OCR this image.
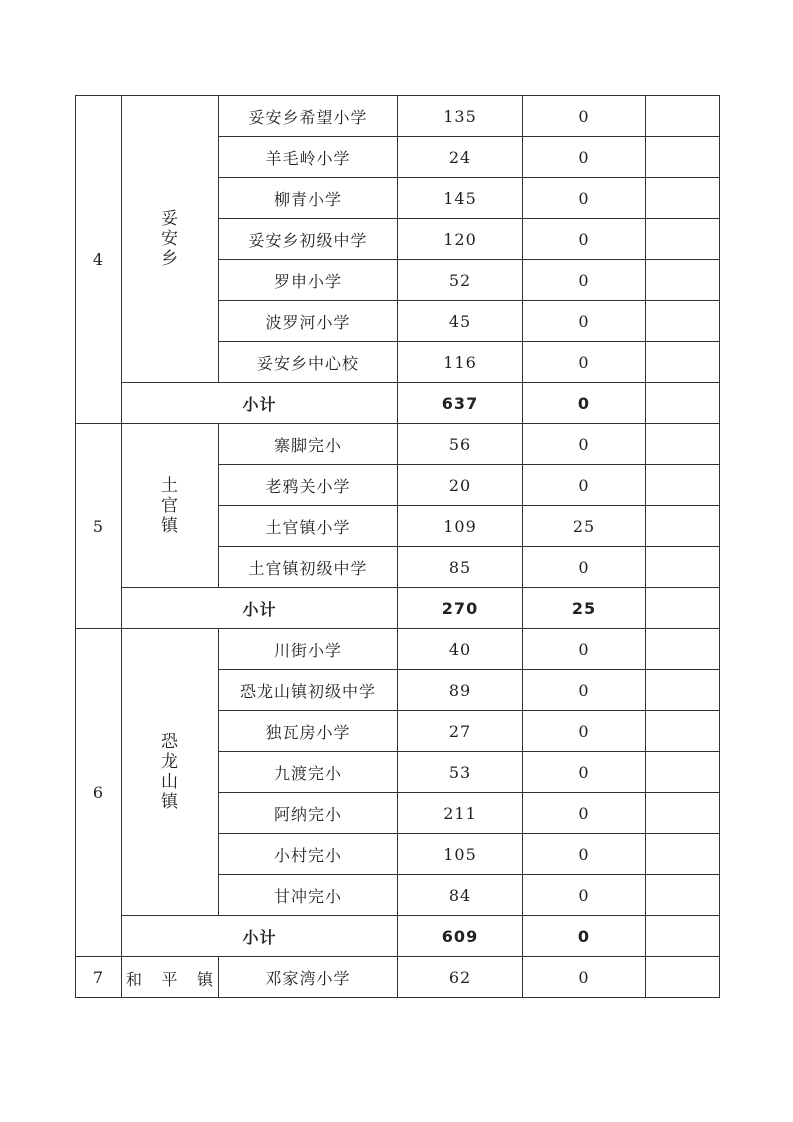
4	妥安乡	妥安乡希望小学	135	0	
		羊毛岭小学	24	0	
		柳青小学	145	0	
		妥安乡初级中学	120	0	
		罗申小学	52	0	
		波罗河小学	45	0	
		妥安乡中心校	116	0	
	小计		637	0	
5	土官镇	寨脚完小	56	0	
		老鸦关小学	20	0	
		土官镇小学	109	25	
		土官镇初级中学	85	0	
	小计		270	25	
6	恐龙山镇	川街小学	40	0	
		恐龙山镇初级中学	89	0	
		独瓦房小学	27	0	
		九渡完小	53	0	
		阿纳完小	211	0	
		小村完小	105	0	
		甘冲完小	84	0	
	小计		609	0	
7	和 平 镇	邓家湾小学	62	0	
